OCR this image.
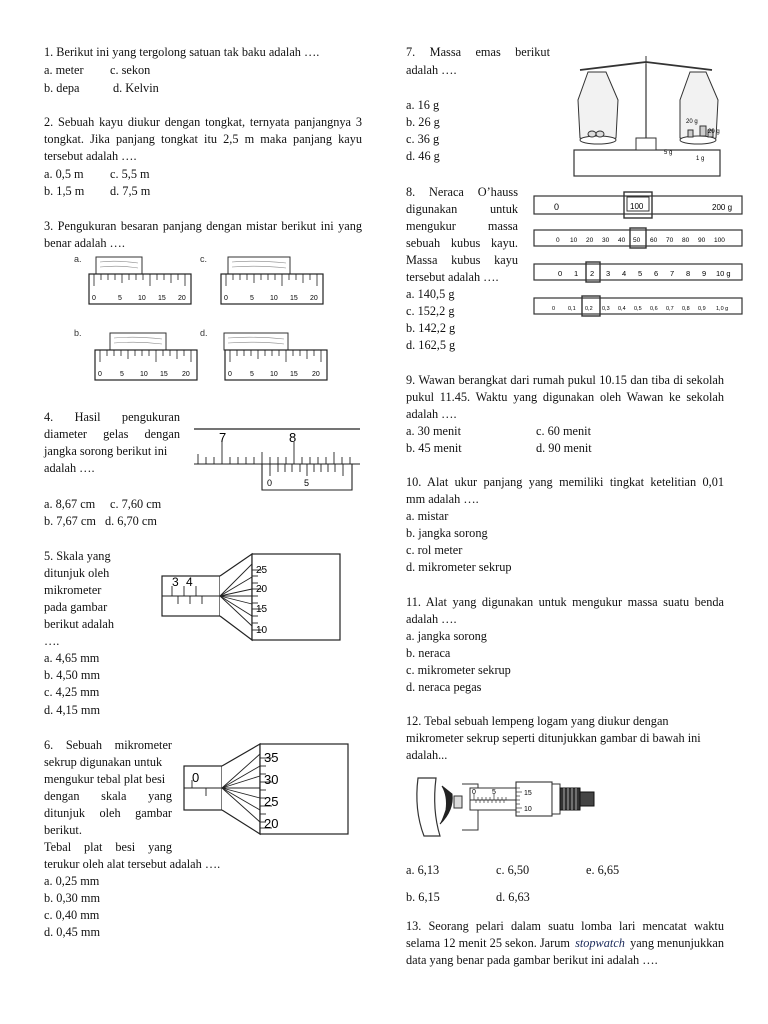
1. Berikut ini yang tergolong satuan tak baku adalah ….
a. meter c. sekon
b. depa	d. Kelvin
2. Sebuah kayu diukur dengan tongkat, ternyata panjangnya 3
tongkat. Jika panjang tongkat itu 2,5 m maka panjang kayu
tersebut adalah ….
a. 0,5 m c. 5,5 m
b. 1,5 m d. 7,5 m
3. Pengukuran besaran panjang dengan mistar berikut ini yang
benar adalah ….
a.	c.
b.	d.
0	5 10 15 20	0	5 10 15 20
0	5 10 15 20	0	5 10 15 20
4. Hasil pengukuran
diameter gelas dengan
jangka sorong berikut ini
adalah ….
a. 8,67 cm c. 7,60 cm
b. 7,67 cm d. 6,70 cm
7	8
0	5
5. Skala yang
ditunjuk oleh
mikrometer
pada gambar
berikut adalah
….
a. 4,65 mm
b. 4,50 mm
c. 4,25 mm
d. 4,15 mm
3 4
25
20
15
10
6. Sebuah mikrometer
sekrup digunakan untuk
mengukur tebal plat besi
dengan skala yang
ditunjuk oleh gambar
berikut.
Tebal plat besi yang
terukur oleh alat tersebut adalah ….
a. 0,25 mm
b. 0,30 mm
c. 0,40 mm
d. 0,45 mm
0
35
30
25
20
7. Massa emas berikut
adalah ….
a. 16 g
b. 26 g
c. 36 g
d. 46 g
20 g
20 g
5 g
1 g
8. Neraca O’hauss
digunakan untuk
mengukur massa
sebuah kubus kayu.
Massa kubus kayu
tersebut adalah ….
a. 140,5 g
c. 152,2 g
b. 142,2 g
d. 162,5 g
0	100	200 g
0 10 20 30 40 50 60 70 80 90 100
0 1 2 3 4 5 6 7 8 9 10 g
0 0,1 0,2 0,3 0,4 0,5 0,6 0,7 0,8 0,9 1,0 g
9. Wawan berangkat dari rumah pukul 10.15 dan tiba di sekolah
pukul 11.45. Waktu yang digunakan oleh Wawan ke sekolah
adalah ….
a. 30 menit	c. 60 menit
b. 45 menit	d. 90 menit
10. Alat ukur panjang yang memiliki tingkat ketelitian 0,01
mm adalah ….
a. mistar
b. jangka sorong
c. rol meter
d. mikrometer sekrup
11. Alat yang digunakan untuk mengukur massa suatu benda
adalah ….
a. jangka sorong
b. neraca
c. mikrometer sekrup
d. neraca pegas
12. Tebal sebuah lempeng logam yang diukur dengan
mikrometer sekrup seperti ditunjukkan gambar di bawah ini
adalah...
0 5	15
10
a. 6,13	c. 6,50	e. 6,65
b. 6,15	d. 6,63
13. Seorang pelari dalam suatu lomba lari mencatat waktu
selama 12 menit 25 sekon. Jarum stopwatch yang menunjukkan
data yang benar pada gambar berikut ini adalah ….
